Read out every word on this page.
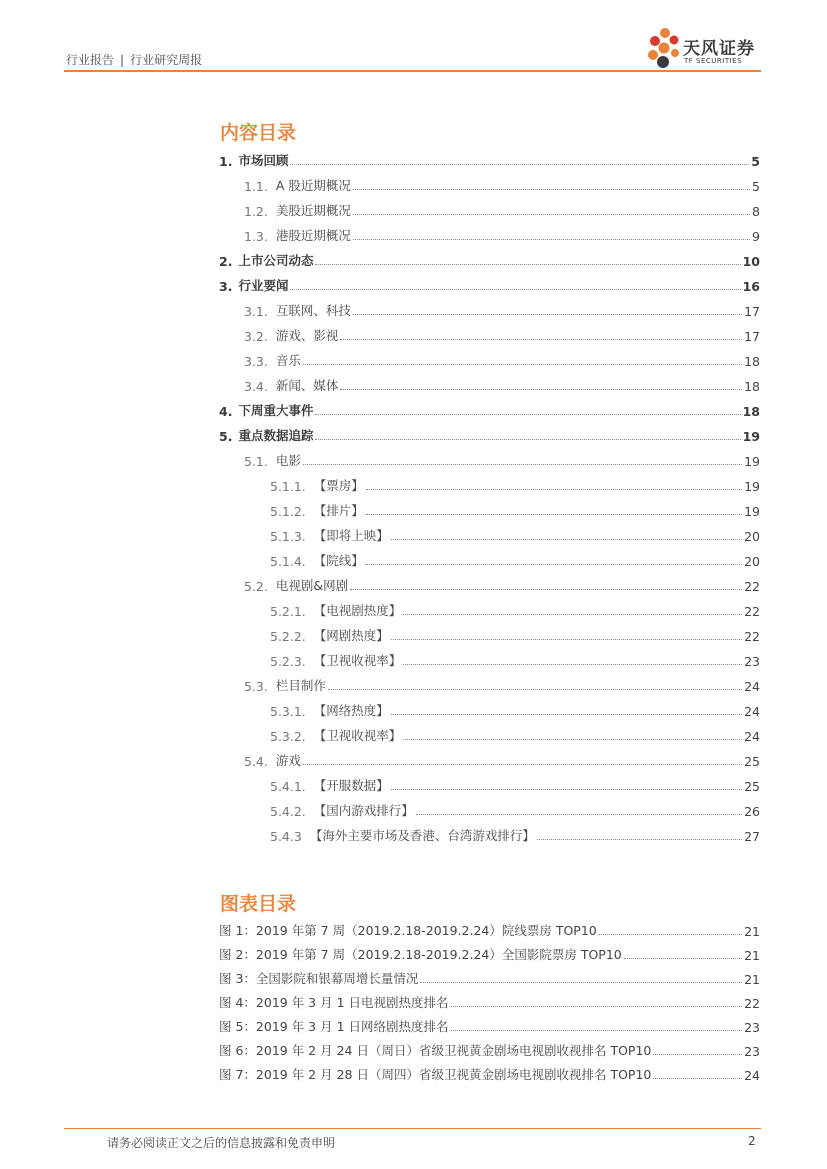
行业报告 | 行业研究周报
天风证券
TF SECURITIES
内容目录
1. 市场回顾	5
1.1. A 股近期概况	5
1.2. 美股近期概况	8
1.3. 港股近期概况	9
2. 上市公司动态	10
3. 行业要闻	16
3.1. 互联网、科技	17
3.2. 游戏、影视	17
3.3. 音乐	18
3.4. 新闻、媒体	18
4. 下周重大事件	18
5. 重点数据追踪	19
5.1. 电影	19
5.1.1. 【票房】	19
5.1.2. 【排片】	19
5.1.3. 【即将上映】	20
5.1.4. 【院线】	20
5.2. 电视剧&网剧	22
5.2.1. 【电视剧热度】	22
5.2.2. 【网剧热度】	22
5.2.3. 【卫视收视率】	23
5.3. 栏目制作	24
5.3.1. 【网络热度】	24
5.3.2. 【卫视收视率】	24
5.4. 游戏	25
5.4.1. 【开服数据】	25
5.4.2. 【国内游戏排行】	26
5.4.3 【海外主要市场及香港、台湾游戏排行】	27
图表目录
图 1：2019 年第 7 周（2019.2.18-2019.2.24）院线票房 TOP10	21
图 2：2019 年第 7 周（2019.2.18-2019.2.24）全国影院票房 TOP10	21
图 3：全国影院和银幕周增长量情况	21
图 4：2019 年 3 月 1 日电视剧热度排名	22
图 5：2019 年 3 月 1 日网络剧热度排名	23
图 6：2019 年 2 月 24 日（周日）省级卫视黄金剧场电视剧收视排名 TOP10	23
图 7：2019 年 2 月 28 日（周四）省级卫视黄金剧场电视剧收视排名 TOP10	24
请务必阅读正文之后的信息披露和免责申明	2
